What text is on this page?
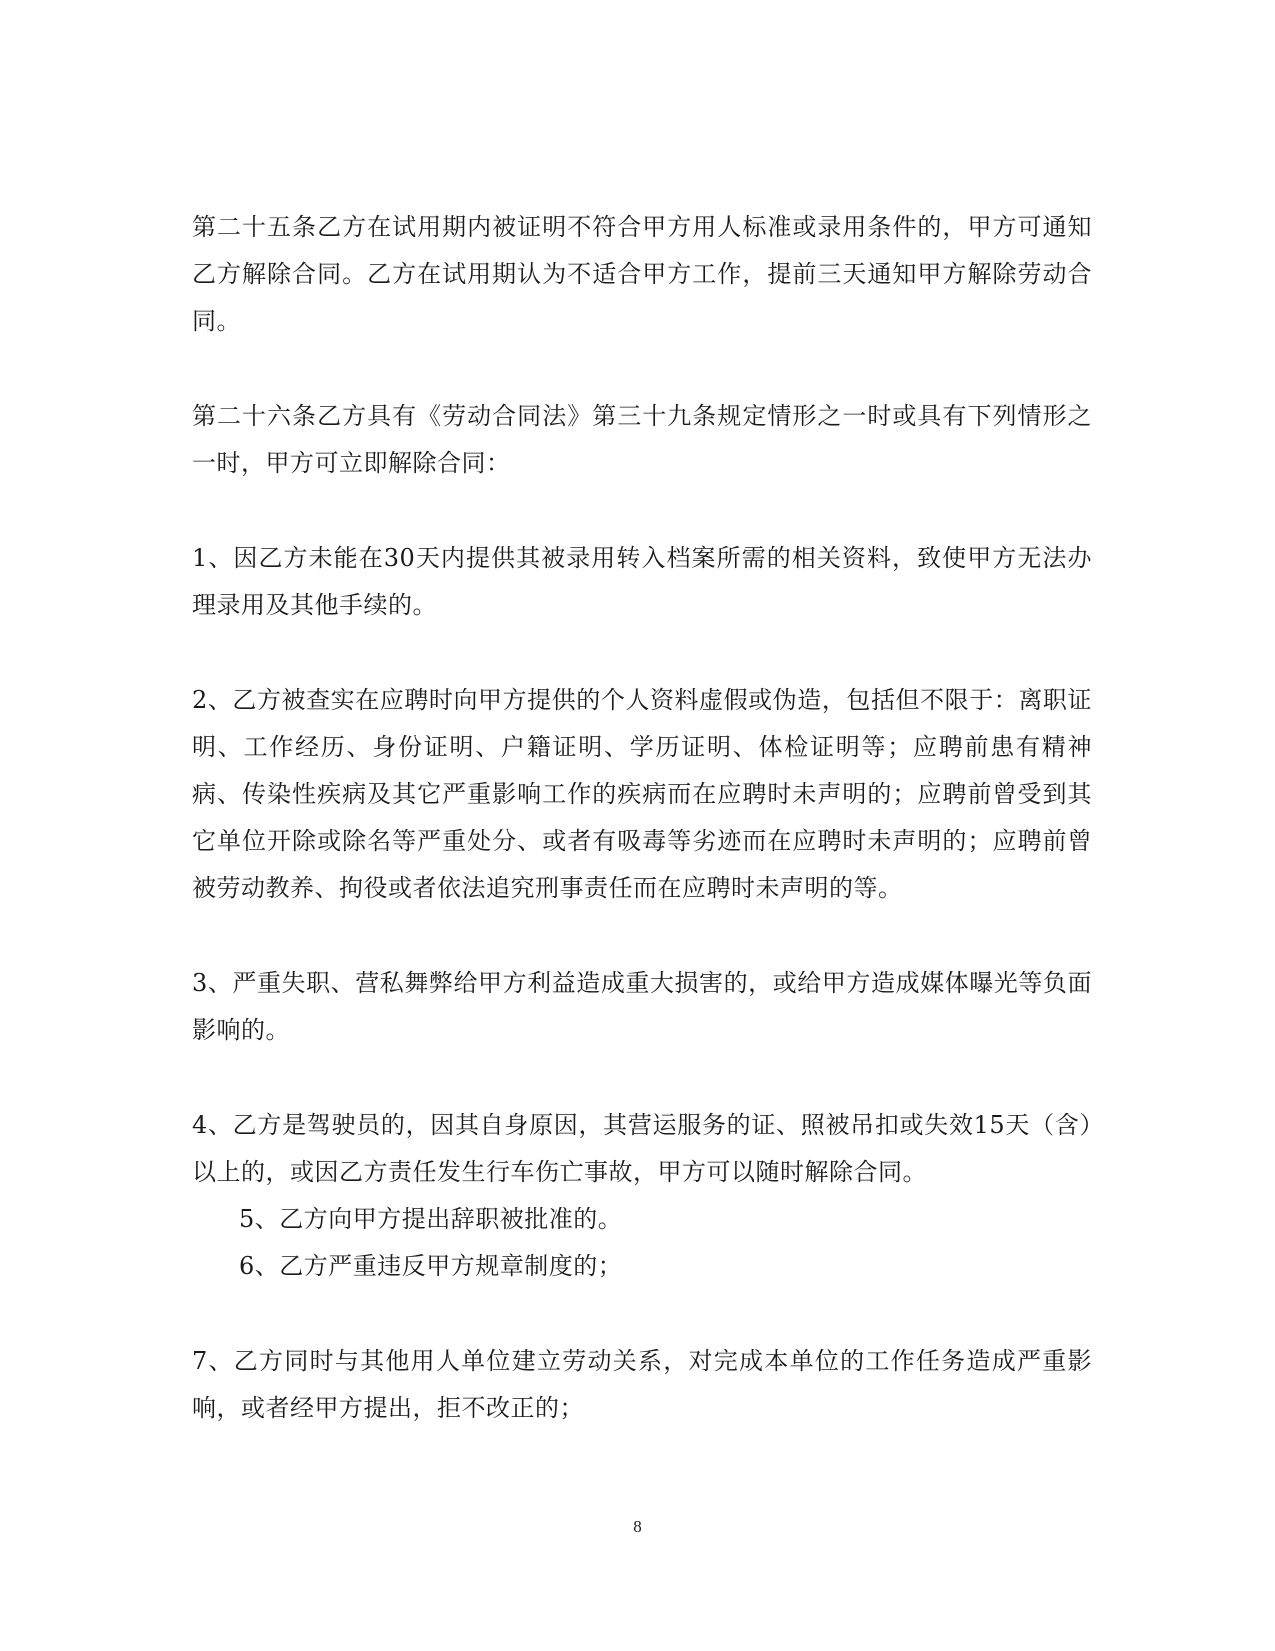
第二十五条乙方在试用期内被证明不符合甲方用人标准或录用条件的，甲方可通知乙方解除合同。乙方在试用期认为不适合甲方工作，提前三天通知甲方解除劳动合同。

第二十六条乙方具有《劳动合同法》第三十九条规定情形之一时或具有下列情形之一时，甲方可立即解除合同：

1、因乙方未能在30天内提供其被录用转入档案所需的相关资料，致使甲方无法办理录用及其他手续的。

2、乙方被查实在应聘时向甲方提供的个人资料虚假或伪造，包括但不限于：离职证明、工作经历、身份证明、户籍证明、学历证明、体检证明等；应聘前患有精神病、传染性疾病及其它严重影响工作的疾病而在应聘时未声明的；应聘前曾受到其它单位开除或除名等严重处分、或者有吸毒等劣迹而在应聘时未声明的；应聘前曾被劳动教养、拘役或者依法追究刑事责任而在应聘时未声明的等。

3、严重失职、营私舞弊给甲方利益造成重大损害的，或给甲方造成媒体曝光等负面影响的。

4、乙方是驾驶员的，因其自身原因，其营运服务的证、照被吊扣或失效15天（含）以上的，或因乙方责任发生行车伤亡事故，甲方可以随时解除合同。

5、乙方向甲方提出辞职被批准的。

6、乙方严重违反甲方规章制度的；

7、乙方同时与其他用人单位建立劳动关系，对完成本单位的工作任务造成严重影响，或者经甲方提出，拒不改正的；

8
